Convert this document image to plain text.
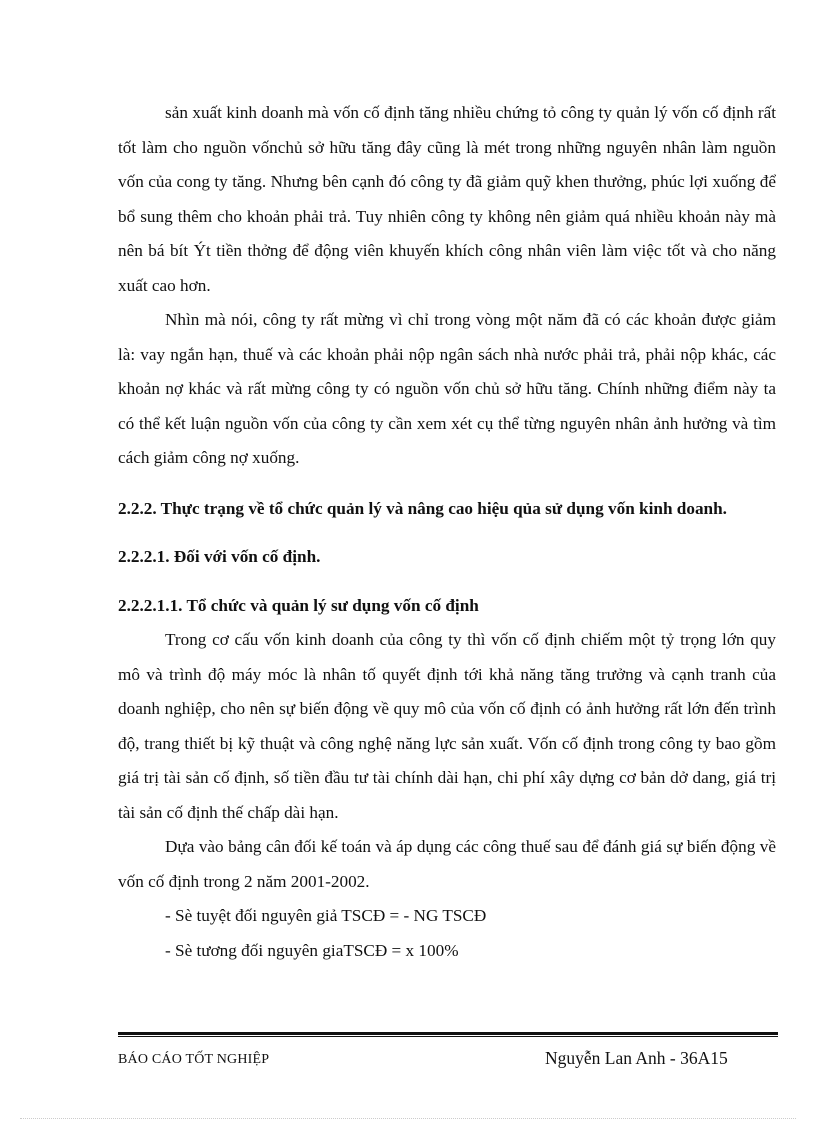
sản xuất kinh doanh mà vốn cố định tăng nhiều chứng tỏ công ty quản lý vốn cố định rất tốt làm cho nguồn vốnchủ sở hữu tăng đây cũng là mét trong những nguyên nhân làm nguồn vốn của cong ty tăng. Nhưng bên cạnh đó công ty đã giảm quỹ khen thưởng, phúc lợi xuống để bổ sung thêm cho khoản phải trả. Tuy nhiên công ty không nên giảm quá nhiều khoản này mà nên bá bít Ýt tiền thởng để động viên khuyến khích công nhân viên làm việc tốt và cho năng xuất cao hơn.

Nhìn mà nói, công ty rất mừng vì chỉ trong vòng một năm đã có các khoản được giảm là: vay ngắn hạn, thuế và các khoản phải nộp ngân sách nhà nước phải trả, phải nộp khác, các khoản nợ khác và rất mừng công ty có nguồn vốn chủ sở hữu tăng. Chính những điểm này ta có thể kết luận nguồn vốn của công ty cần xem xét cụ thể từng nguyên nhân ảnh hưởng và tìm cách giảm công nợ xuống.

2.2.2. Thực trạng về tổ chức quản lý và nâng cao hiệu qủa sử dụng vốn kinh doanh.
2.2.2.1. Đối với vốn cố định.
2.2.2.1.1. Tổ chức và quản lý sư dụng vốn cố định

Trong cơ cấu vốn kinh doanh của công ty thì vốn cố định chiếm một tỷ trọng lớn quy mô và trình độ máy móc là nhân tố quyết định tới khả năng tăng trưởng và cạnh tranh của doanh nghiệp, cho nên sự biến động về quy mô của vốn cố định có ảnh hưởng rất lớn đến trình độ, trang thiết bị kỹ thuật và công nghệ năng lực sản xuất. Vốn cố định trong công ty bao gồm giá trị tài sản cố định, số tiền đầu tư tài chính dài hạn, chi phí xây dựng cơ bản dở dang, giá trị tài sản cố định thế chấp dài hạn.

Dựa vào bảng cân đối kế toán và áp dụng các công thuế sau để đánh giá sự biến động về vốn cố định trong 2 năm 2001-2002.

- Sè tuyệt đối nguyên giả TSCĐ = - NG TSCĐ

- Sè tương đối nguyên giaTSCĐ = x 100%

BÁO CÁO TỐT NGHIỆP	Nguyễn Lan Anh - 36A15
